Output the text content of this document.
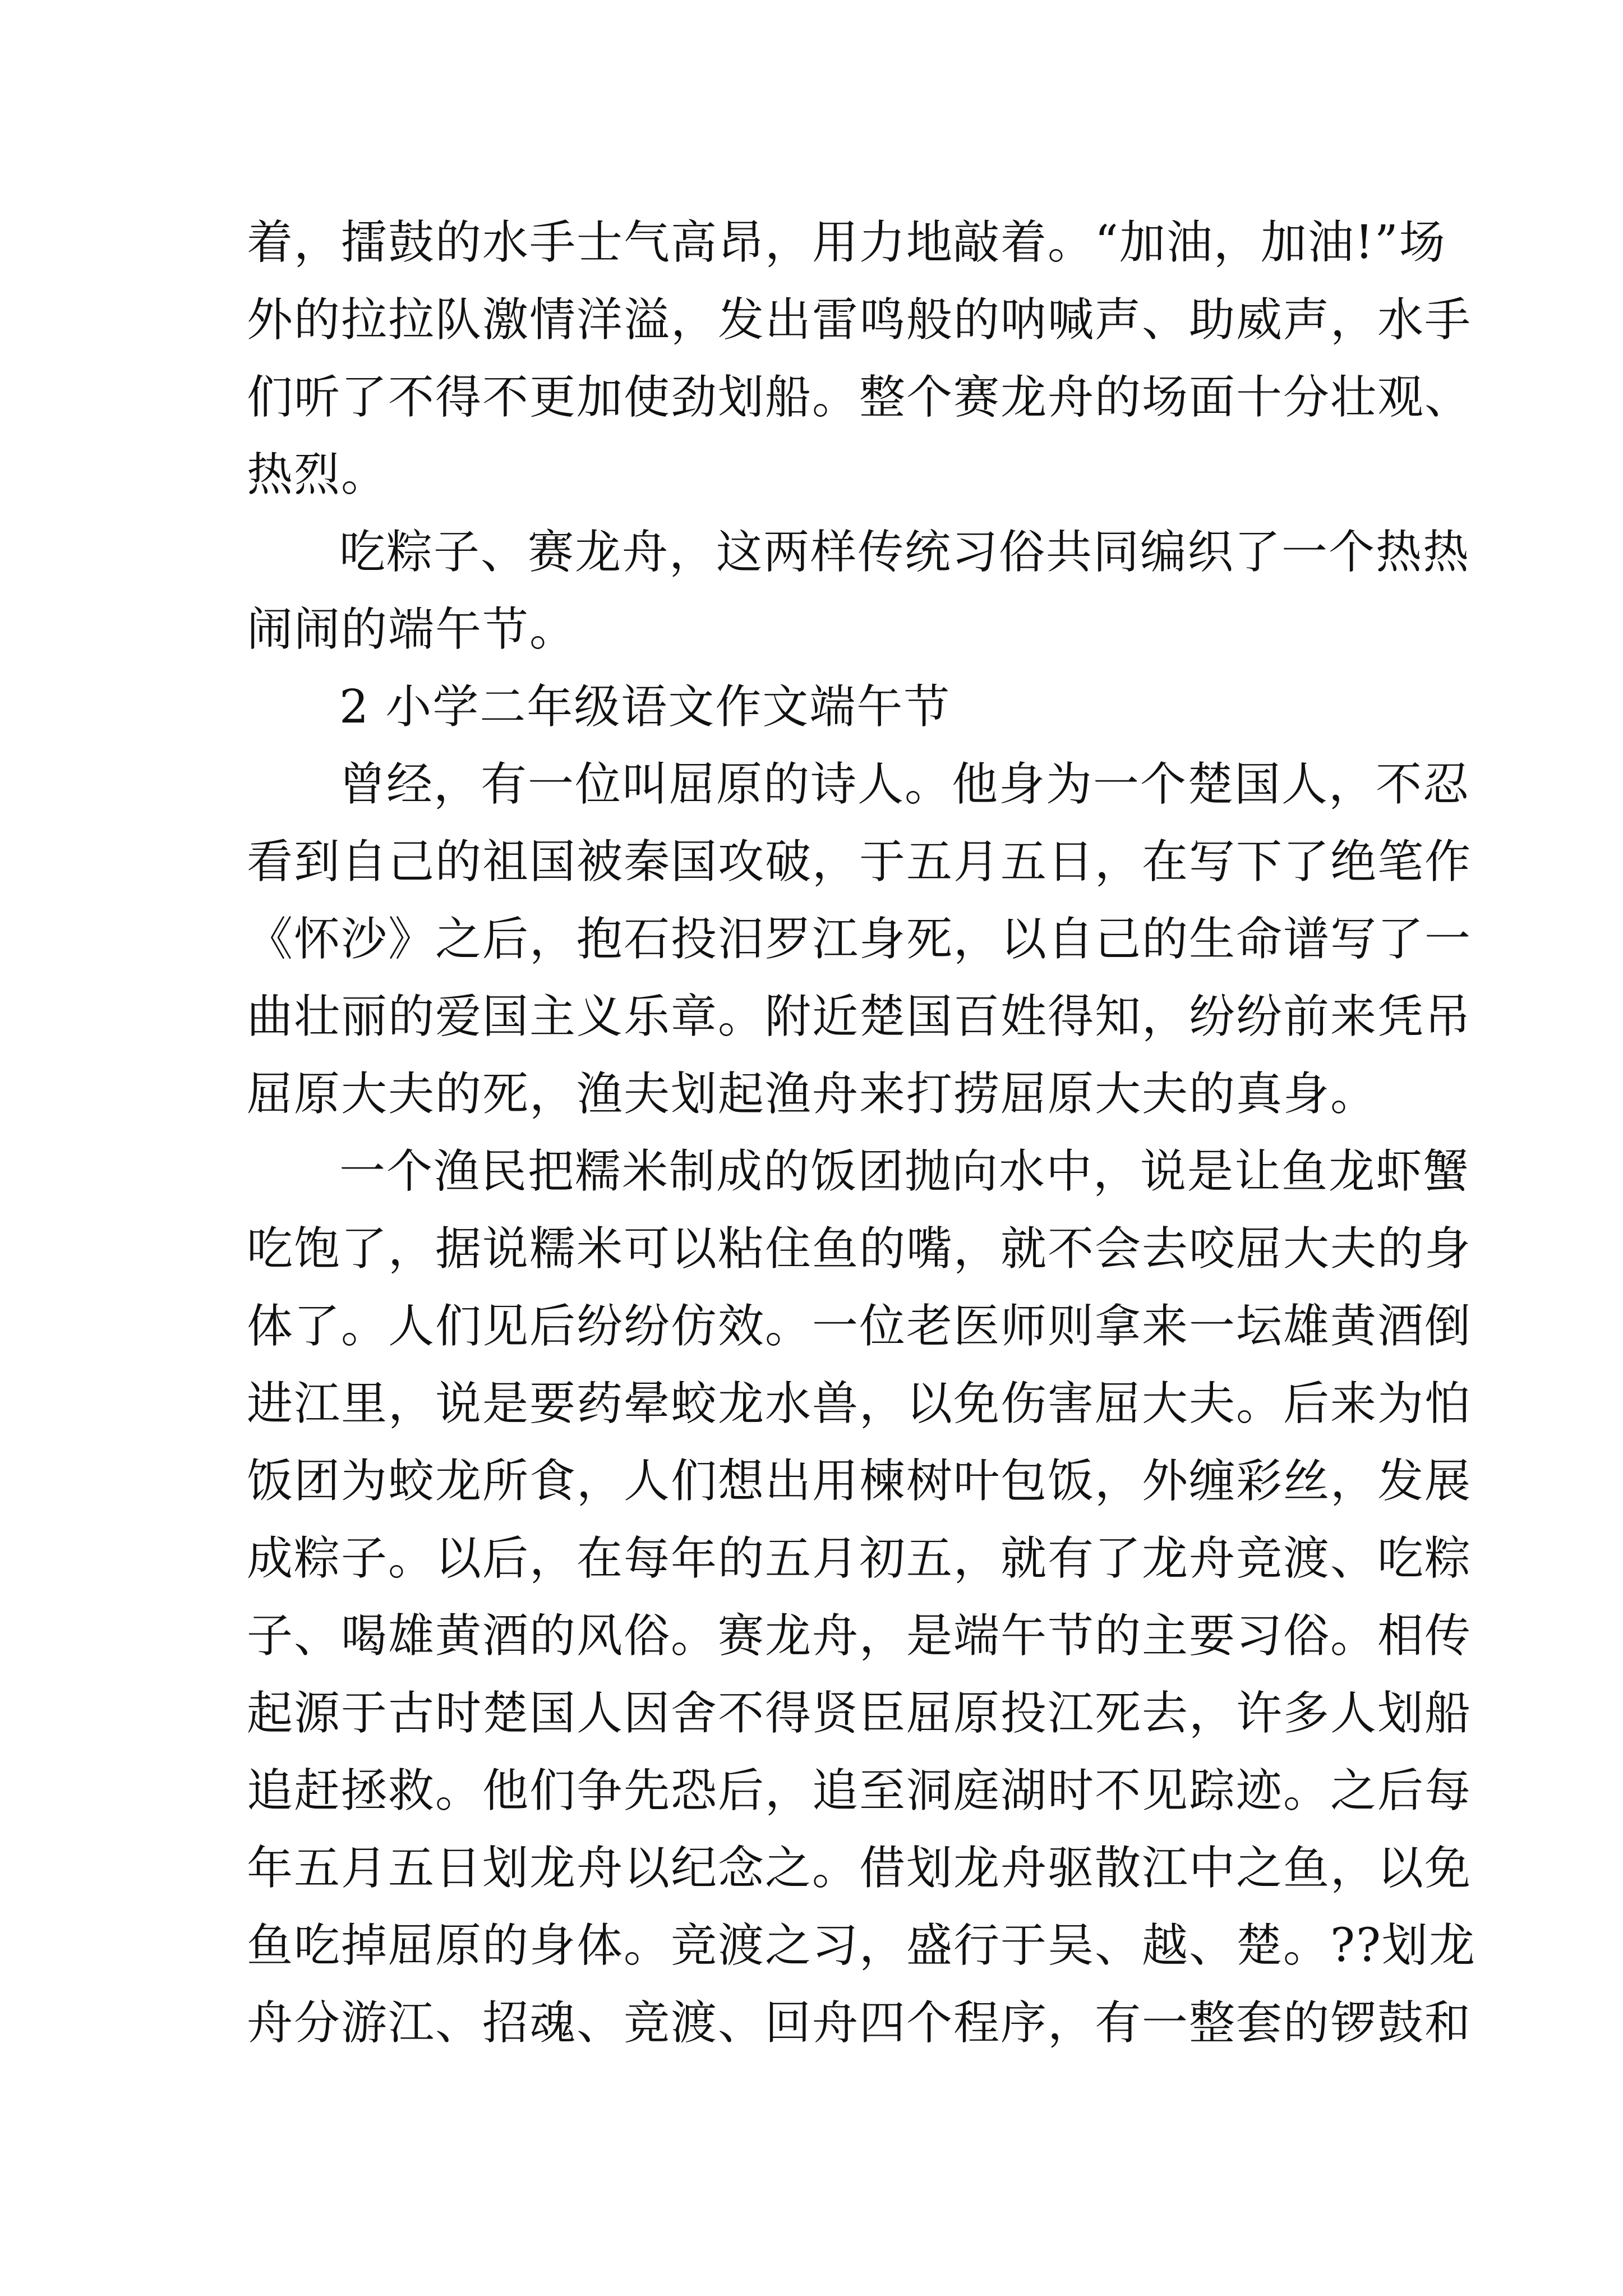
着，擂鼓的水手士气高昂，用力地敲着。“加油，加油!”场
外的拉拉队激情洋溢，发出雷鸣般的呐喊声、助威声，水手
们听了不得不更加使劲划船。整个赛龙舟的场面十分壮观、
热烈。
吃粽子、赛龙舟，这两样传统习俗共同编织了一个热热
闹闹的端午节。
2 小学二年级语文作文端午节
曾经，有一位叫屈原的诗人。他身为一个楚国人，不忍
看到自己的祖国被秦国攻破，于五月五日，在写下了绝笔作
《怀沙》之后，抱石投汨罗江身死，以自己的生命谱写了一
曲壮丽的爱国主义乐章。附近楚国百姓得知，纷纷前来凭吊
屈原大夫的死，渔夫划起渔舟来打捞屈原大夫的真身。
一个渔民把糯米制成的饭团抛向水中，说是让鱼龙虾蟹
吃饱了，据说糯米可以粘住鱼的嘴，就不会去咬屈大夫的身
体了。人们见后纷纷仿效。一位老医师则拿来一坛雄黄酒倒
进江里，说是要药晕蛟龙水兽，以免伤害屈大夫。后来为怕
饭团为蛟龙所食，人们想出用楝树叶包饭，外缠彩丝，发展
成粽子。以后，在每年的五月初五，就有了龙舟竞渡、吃粽
子、喝雄黄酒的风俗。赛龙舟，是端午节的主要习俗。相传
起源于古时楚国人因舍不得贤臣屈原投江死去，许多人划船
追赶拯救。他们争先恐后，追至洞庭湖时不见踪迹。之后每
年五月五日划龙舟以纪念之。借划龙舟驱散江中之鱼，以免
鱼吃掉屈原的身体。竞渡之习，盛行于吴、越、楚。??划龙
舟分游江、招魂、竞渡、回舟四个程序，有一整套的锣鼓和
